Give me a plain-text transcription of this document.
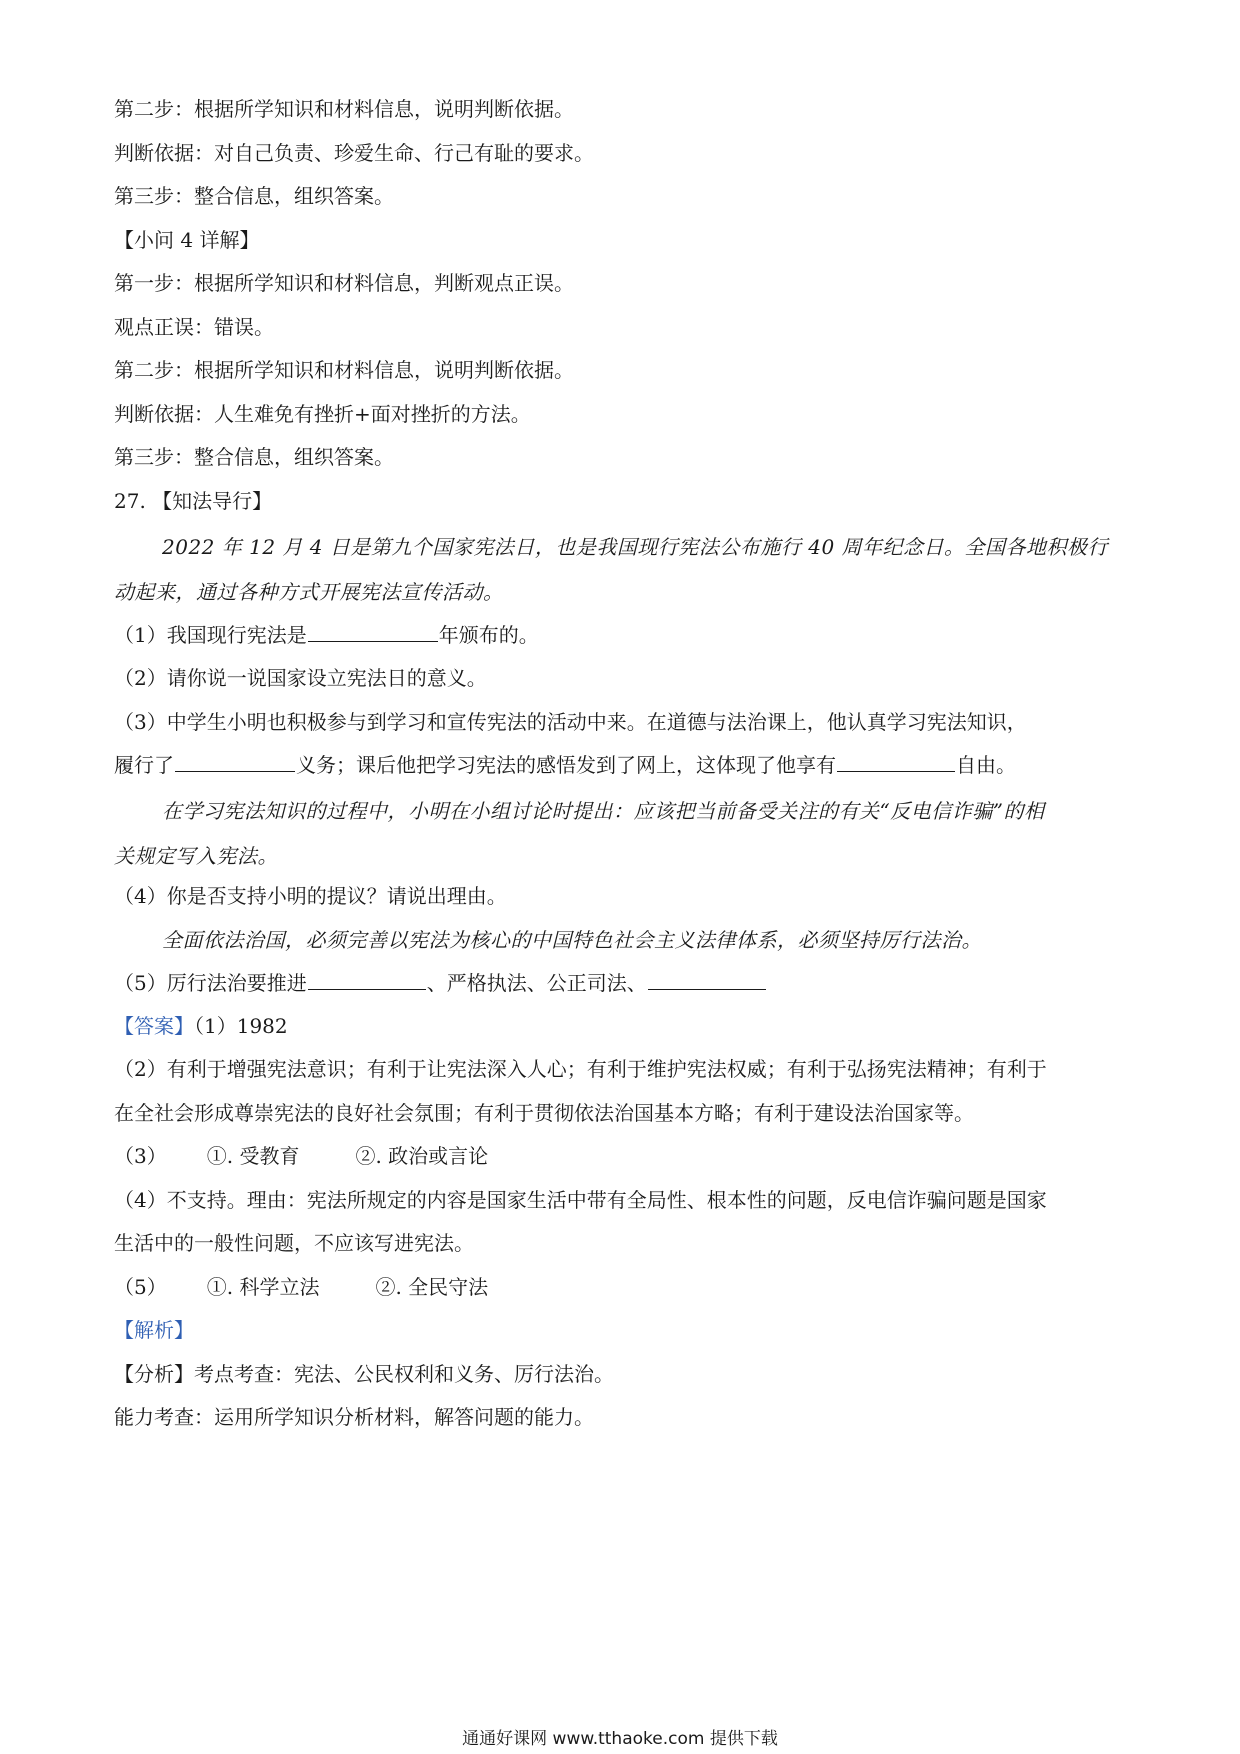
第二步：根据所学知识和材料信息，说明判断依据。
判断依据：对自己负责、珍爱生命、行己有耻的要求。
第三步：整合信息，组织答案。
【小问 4 详解】
第一步：根据所学知识和材料信息，判断观点正误。
观点正误：错误。
第二步：根据所学知识和材料信息，说明判断依据。
判断依据：人生难免有挫折+面对挫折的方法。
第三步：整合信息，组织答案。
27. 【知法导行】
2022 年 12 月 4 日是第九个国家宪法日，也是我国现行宪法公布施行 40 周年纪念日。全国各地积极行
动起来，通过各种方式开展宪法宣传活动。
（1）我国现行宪法是	年颁布的。
（2）请你说一说国家设立宪法日的意义。
（3）中学生小明也积极参与到学习和宣传宪法的活动中来。在道德与法治课上，他认真学习宪法知识，
履行了	义务；课后他把学习宪法的感悟发到了网上，这体现了他享有	自由。
在学习宪法知识的过程中，小明在小组讨论时提出：应该把当前备受关注的有关“反电信诈骗”的相
关规定写入宪法。
（4）你是否支持小明的提议？请说出理由。
全面依法治国，必须完善以宪法为核心的中国特色社会主义法律体系，必须坚持厉行法治。
（5）厉行法治要推进	、严格执法、公正司法、
【答案】（1）1982
（2）有利于增强宪法意识；有利于让宪法深入人心；有利于维护宪法权威；有利于弘扬宪法精神；有利于
在全社会形成尊崇宪法的良好社会氛围；有利于贯彻依法治国基本方略；有利于建设法治国家等。
（3） ①. 受教育	②. 政治或言论
（4）不支持。理由：宪法所规定的内容是国家生活中带有全局性、根本性的问题，反电信诈骗问题是国家
生活中的一般性问题，不应该写进宪法。
（5） ①. 科学立法	②. 全民守法
【解析】
【分析】考点考查：宪法、公民权利和义务、厉行法治。
能力考查：运用所学知识分析材料，解答问题的能力。
通通好课网 www.tthaoke.com 提供下载
